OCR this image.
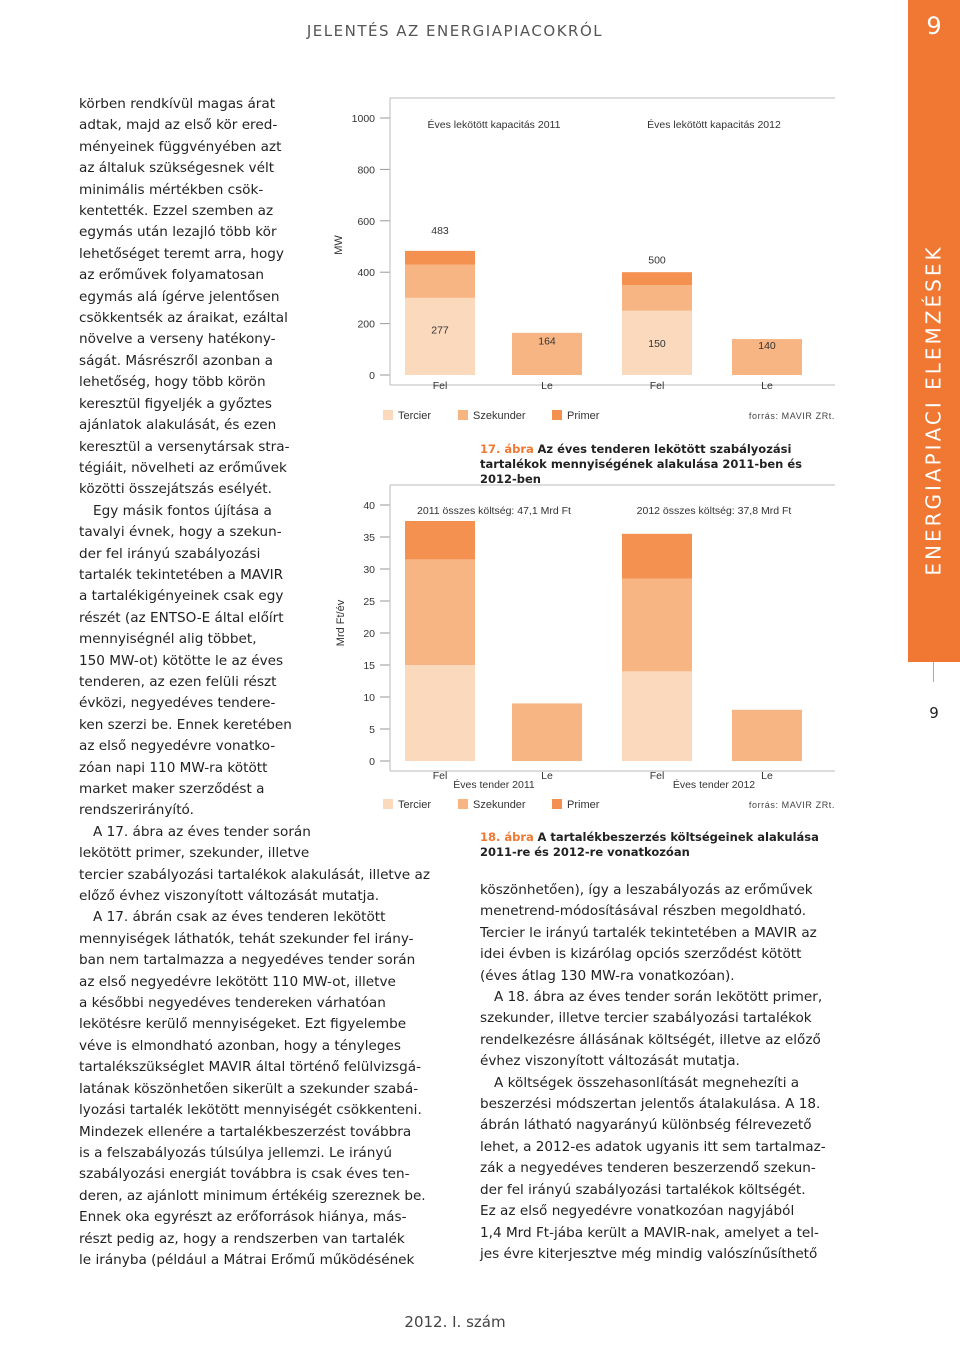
JELENTÉS AZ ENERGIAPIACOKRÓL	9
ENERGIAPIACI ELEMZÉSEK
9

körben rendkívül magas árat

adtak, majd az első kör ered-

ményeinek függvényében azt

az általuk szükségesnek vélt

minimális mértékben csök-

kentették. Ezzel szemben az

egymás után lezajló több kör

lehetőséget teremt arra, hogy

az erőművek folyamatosan

egymás alá ígérve jelentősen

csökkentsék az áraikat, ezáltal

növelve a verseny hatékony-

ságát. Másrészről azonban a

lehetőség, hogy több körön

keresztül figyeljék a győztes

ajánlatok alakulását, és ezen

keresztül a versenytársak stra-

tégiáit, növelheti az erőművek

közötti összejátszás esélyét.

Egy másik fontos újítása a

tavalyi évnek, hogy a szekun-

der fel irányú szabályozási

tartalék tekintetében a MAVIR

a tartalékigényeinek csak egy

részét (az ENTSO-E által előírt

mennyiségnél alig többet,

150 MW-ot) kötötte le az éves

tenderen, az ezen felüli részt

évközi, negyedéves tendere-

ken szerzi be. Ennek keretében

az első negyedévre vonatko-

zóan napi 110 MW-ra kötött

market maker szerződést a

rendszerirányító.

A 17. ábra az éves tender során

lekötött primer, szekunder, illetve

tercier szabályozási tartalékok alakulását, illetve az

előző évhez viszonyított változását mutatja.

A 17. ábrán csak az éves tenderen lekötött

mennyiségek láthatók, tehát szekunder fel irány-

ban nem tartalmazza a negyedéves tender során

az első negyedévre lekötött 110 MW-ot, illetve

a későbbi negyedéves tendereken várhatóan

lekötésre kerülő mennyiségeket. Ezt figyelembe

véve is elmondható azonban, hogy a tényleges

tartalékszükséglet MAVIR által történő felülvizsgá-

latának köszönhetően sikerült a szekunder szabá-

lyozási tartalék lekötött mennyiségét csökkenteni.

Mindezek ellenére a tartalékbeszerzést továbbra

is a felszabályozás túlsúlya jellemzi. Le irányú

szabályozási energiát továbbra is csak éves ten-

deren, az ajánlott minimum értékéig szereznek be.

Ennek oka egyrészt az erőforrások hiánya, más-

részt pedig az, hogy a rendszerben van tartalék

le irányba (például a Mátrai Erőmű működésének

köszönhetően), így a leszabályozás az erőművek

menetrend-módosításával részben megoldható.

Tercier le irányú tartalék tekintetében a MAVIR az

idei évben is kizárólag opciós szerződést kötött

(éves átlag 130 MW-ra vonatkozóan).

A 18. ábra az éves tender során lekötött primer,

szekunder, illetve tercier szabályozási tartalékok

rendelkezésre állásának költségét, illetve az előző

évhez viszonyított változását mutatja.

A költségek összehasonlítását megnehezíti a

beszerzési módszertan jelentős átalakulása. A 18.

ábrán látható nagyarányú különbség félrevezető

lehet, a 2012-es adatok ugyanis itt sem tartalmaz-

zák a negyedéves tenderen beszerzendő szekun-

der fel irányú szabályozási tartalékok költségét.

Ez az első negyedévre vonatkozóan nagyjából

1,4 Mrd Ft-jába került a MAVIR-nak, amelyet a tel-

jes évre kiterjesztve még mindig valószínűsíthető

MW
0
200
400
600
800
1000	Éves lekötött kapacitás 2011	Éves lekötött kapacitás 2012
Fel	Le	Fel	Le
483
277
164
500
150	140
Tercier	Szekunder	Primer	forrás: MAVIR ZRt.
17. ábra Az éves tenderen lekötött szabályozási tartalékok mennyiségének alakulása 2011-ben és 2012-ben
Mrd Ft/év
0
5
10
15
20
25
30
35
40	2011 összes költség: 47,1 Mrd Ft	2012 összes költség: 37,8 Mrd Ft
Fel	Le	Fel	Le
Éves tender 2011	Éves tender 2012
Tercier	Szekunder	Primer	forrás: MAVIR ZRt.
18. ábra A tartalékbeszerzés költségeinek alakulása 2011-re és 2012-re vonatkozóan
2012. I. szám
